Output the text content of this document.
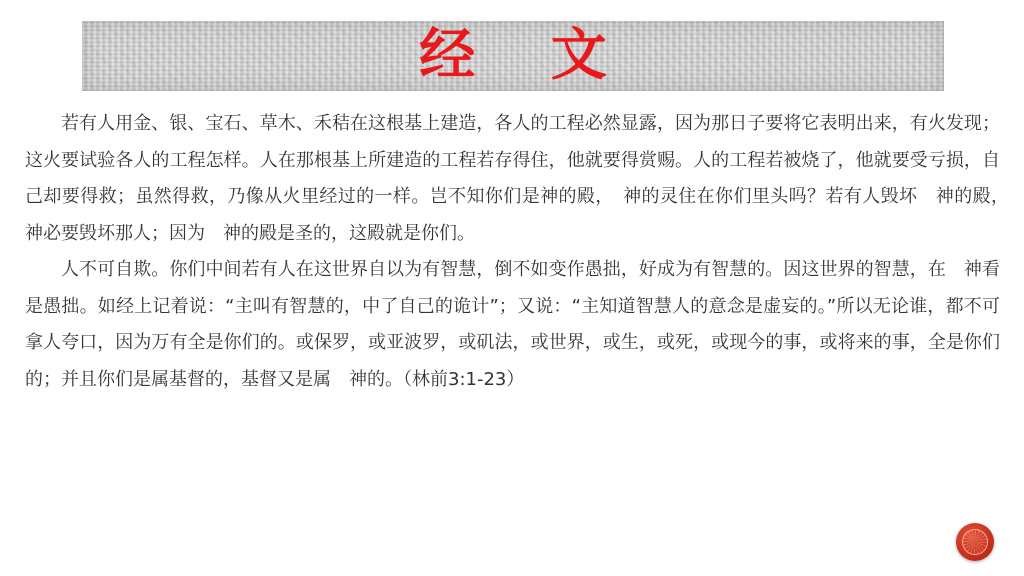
经 文

若有人用金、银、宝石、草木、禾秸在这根基上建造，各人的工程必然显露，因为那日子要将它表明出来，有火发现；这火要试验各人的工程怎样。人在那根基上所建造的工程若存得住，他就要得赏赐。人的工程若被烧了，他就要受亏损，自己却要得救；虽然得救，乃像从火里经过的一样。岂不知你们是神的殿，　神的灵住在你们里头吗？若有人毁坏　神的殿，　神必要毁坏那人；因为　神的殿是圣的，这殿就是你们。

人不可自欺。你们中间若有人在这世界自以为有智慧，倒不如变作愚拙，好成为有智慧的。因这世界的智慧，在　神看是愚拙。如经上记着说：“主叫有智慧的，中了自己的诡计”；又说：“主知道智慧人的意念是虚妄的。”所以无论谁，都不可拿人夸口，因为万有全是你们的。或保罗，或亚波罗，或矶法，或世界，或生，或死，或现今的事，或将来的事，全是你们的；并且你们是属基督的，基督又是属　神的。（林前3:1-23）
